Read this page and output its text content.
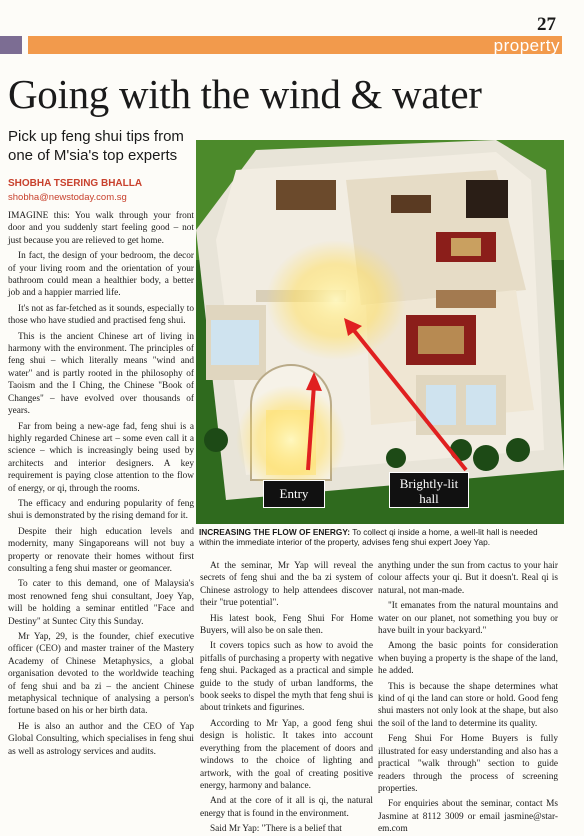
27
property
Going with the wind & water
Pick up feng shui tips from one of M'sia's top experts
SHOBHA TSERING BHALLA
shobha@newstoday.com.sg

IMAGINE this: You walk through your front door and you suddenly start feeling good – not just because you are relieved to get home.

In fact, the design of your bedroom, the decor of your living room and the orientation of your bathroom could mean a healthier body, a better job and a happier married life.

It's not as far-fetched as it sounds, especially to those who have studied and practised feng shui.

This is the ancient Chinese art of living in harmony with the environment. The principles of feng shui – which literally means "wind and water" and is partly rooted in the philosophy of Taoism and the I Ching, the Chinese "Book of Changes" – have evolved over thousands of years.

Far from being a new-age fad, feng shui is a highly regarded Chinese art – some even call it a science – which is increasingly being used by architects and interior designers. A key requirement is paying close attention to the flow of energy, or qi, through the rooms.

The efficacy and enduring popularity of feng shui is demonstrated by the rising demand for it.

Despite their high education levels and modernity, many Singaporeans will not buy a property or renovate their homes without first consulting a feng shui master or geomancer.

To cater to this demand, one of Malaysia's most renowned feng shui consultant, Joey Yap, will be holding a seminar entitled "Face and Destiny" at Suntec City this Sunday.

Mr Yap, 29, is the founder, chief executive officer (CEO) and master trainer of the Mastery Academy of Chinese Metaphysics, a global organisation devoted to the worldwide teaching of feng shui and ba zi – the ancient Chinese metaphysical technique of analysing a person's fortune based on his or her birth data.

He is also an author and the CEO of Yap Global Consulting, which specialises in feng shui as well as astrology services and audits.

Entry
Brightly-lit hall
INCREASING THE FLOW OF ENERGY: To collect qi inside a home, a well-lit hall is needed within the immediate interior of the property, advises feng shui expert Joey Yap.

At the seminar, Mr Yap will reveal the secrets of feng shui and the ba zi system of Chinese astrology to help attendees discover their "true potential".

His latest book, Feng Shui For Home Buyers, will also be on sale then.

It covers topics such as how to avoid the pitfalls of purchasing a property with negative feng shui. Packaged as a practical and simple guide to the study of urban landforms, the book seeks to dispel the myth that feng shui is about trinkets and figurines.

According to Mr Yap, a good feng shui design is holistic. It takes into account everything from the placement of doors and windows to the choice of lighting and artwork, with the goal of creating positive energy, harmony and balance.

And at the core of it all is qi, the natural energy that is found in the environment.

Said Mr Yap: "There is a belief that

anything under the sun from cactus to your hair colour affects your qi. But it doesn't. Real qi is natural, not man-made.

"It emanates from the natural mountains and water on our planet, not something you buy or have built in your backyard."

Among the basic points for consideration when buying a property is the shape of the land, he added.

This is because the shape determines what kind of qi the land can store or hold. Good feng shui masters not only look at the shape, but also the soil of the land to determine its quality.

Feng Shui For Home Buyers is fully illustrated for easy understanding and also has a practical "walk through" section to guide readers through the process of screening properties.

For enquiries about the seminar, contact Ms Jasmine at 8112 3009 or email jasmine@star-em.com
